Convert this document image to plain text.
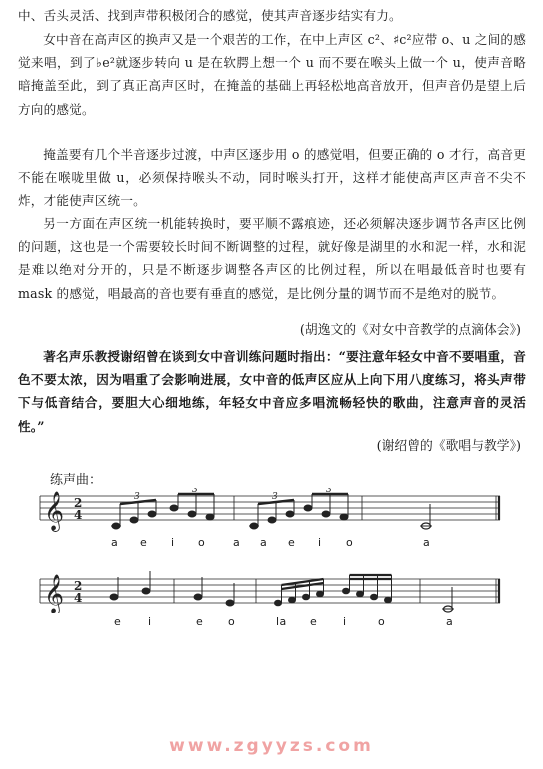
中、舌头灵活、找到声带积极闭合的感觉，使其声音逐步结实有力。

女中音在高声区的换声又是一个艰苦的工作，在中上声区 c²、♯c²应带 o、u 之间的感觉来唱，到了♭e²就逐步转向 u 是在软腭上想一个 u 而不要在喉头上做一个 u，使声音略暗掩盖至此，到了真正高声区时，在掩盖的基础上再轻松地高音放开，但声音仍是望上后方向的感觉。

掩盖要有几个半音逐步过渡，中声区逐步用 o 的感觉唱，但要正确的 o 才行，高音更不能在喉咙里做 u，必须保持喉头不动，同时喉头打开，这样才能使高声区声音不尖不炸，才能使声区统一。

另一方面在声区统一机能转换时，要平顺不露痕迹，还必须解决逐步调节各声区比例的问题，这也是一个需要较长时间不断调整的过程，就好像是湖里的水和泥一样，水和泥是难以绝对分开的，只是不断逐步调整各声区的比例过程，所以在唱最低音时也要有 mask 的感觉，唱最高的音也要有垂直的感觉，是比例分量的调节而不是绝对的脱节。

(胡逸文的《对女中音教学的点滴体会》)

著名声乐教授谢绍曾在谈到女中音训练问题时指出：“要注意年轻女中音不要唱重，音色不要太浓，因为唱重了会影响进展，女中音的低声区应从上向下用八度练习，将头声带下与低音结合，要胆大心细地练，年轻女中音应多唱流畅轻快的歌曲，注意声音的灵活性。”

(谢绍曾的《歌唱与教学》)

练声曲：
𝄞 2
4
3
3
3
3
a e i o	a a e i o	a
𝄞 2
4
e i	e o	la e i	o	a
www.zgyyzs.com
